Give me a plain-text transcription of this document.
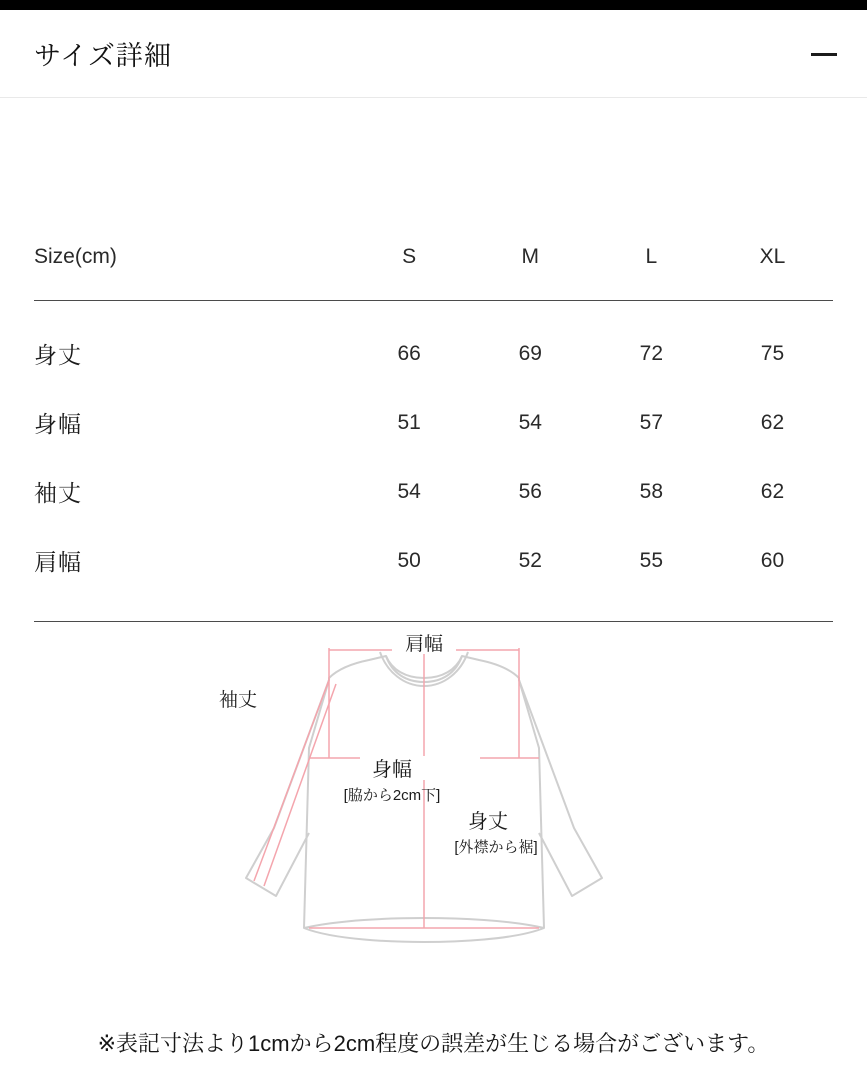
サイズ詳細
Size(cm)	S	M	L	XL

身丈	66	69	72	75
身幅	51	54	57	62
袖丈	54	56	58	62
肩幅	50	52	55	60

肩幅
袖丈
身幅
[脇から2cm下]
身丈
[外襟から裾]
※表記寸法より1cmから2cm程度の誤差が生じる場合がございます。
